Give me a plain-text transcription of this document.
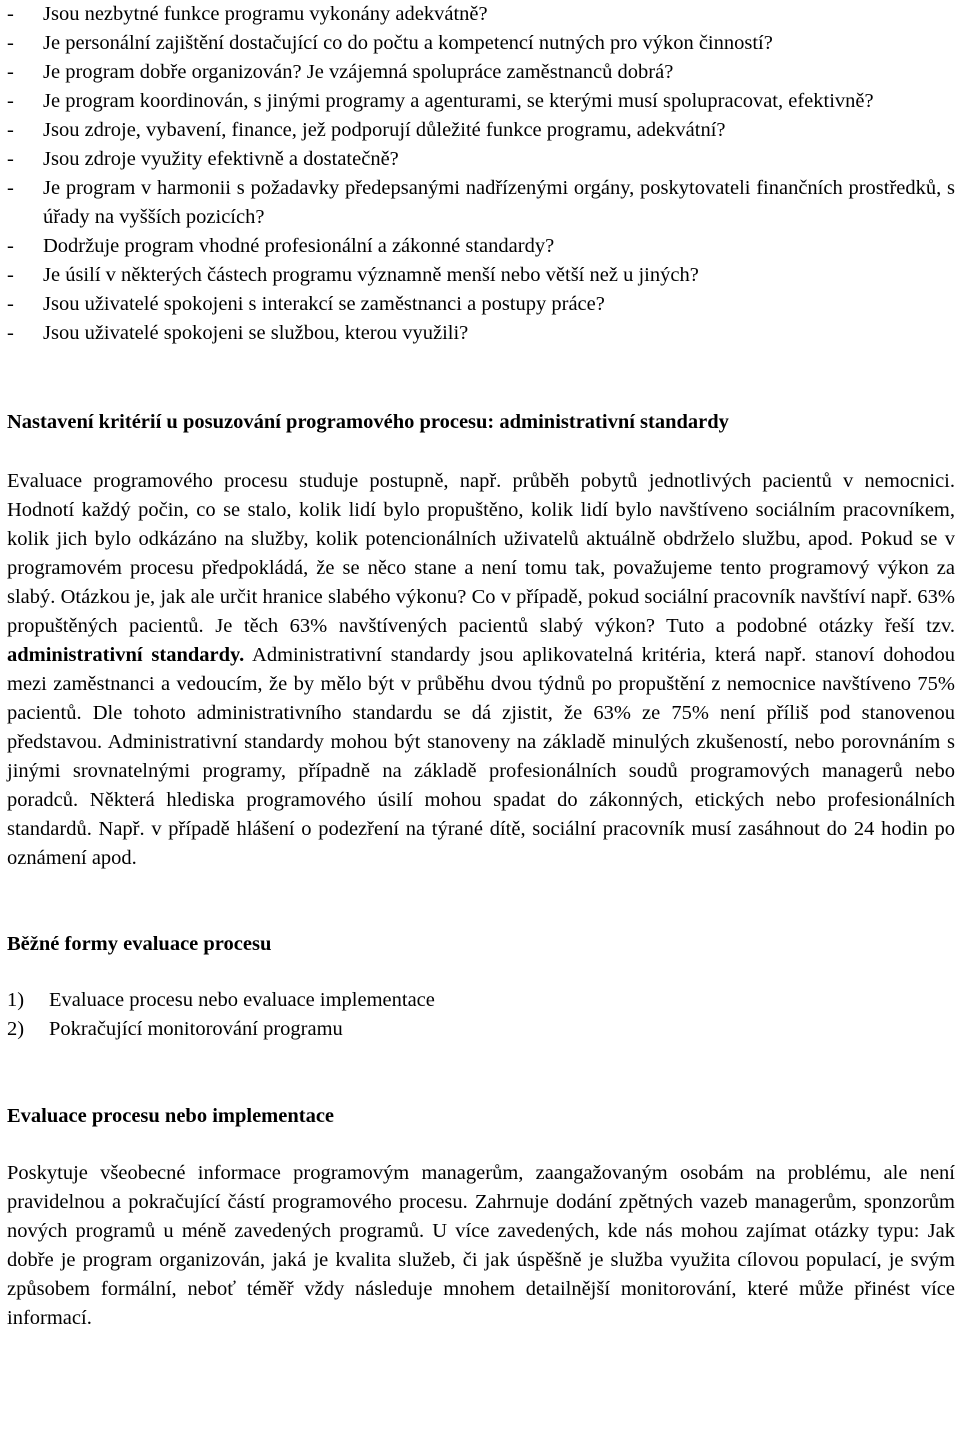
-	Jsou nezbytné funkce programu vykonány adekvátně?
-	Je personální zajištění dostačující co do počtu a kompetencí nutných pro výkon činností?
-	Je program dobře organizován? Je vzájemná spolupráce zaměstnanců dobrá?
-	Je program koordinován, s jinými programy a agenturami, se kterými musí spolupracovat, efektivně?
-	Jsou zdroje, vybavení, finance, jež podporují důležité funkce programu, adekvátní?
-	Jsou zdroje využity efektivně a dostatečně?
-	Je program v harmonii s požadavky předepsanými nadřízenými orgány, poskytovateli finančních prostředků, s úřady na vyšších pozicích?
-	Dodržuje program vhodné profesionální a zákonné standardy?
-	Je úsilí v některých částech programu významně menší nebo větší než u jiných?
-	Jsou uživatelé spokojeni s interakcí se zaměstnanci a postupy práce?
-	Jsou uživatelé spokojeni se službou, kterou využili?
Nastavení kritérií u posuzování programového procesu: administrativní standardy

Evaluace programového procesu studuje postupně, např. průběh pobytů jednotlivých pacientů v nemocnici. Hodnotí každý počin, co se stalo, kolik lidí bylo propuštěno, kolik lidí bylo navštíveno sociálním pracovníkem, kolik jich bylo odkázáno na služby, kolik potencionálních uživatelů aktuálně obdrželo službu, apod. Pokud se v programovém procesu předpokládá, že se něco stane a není tomu tak, považujeme tento programový výkon za slabý. Otázkou je, jak ale určit hranice slabého výkonu? Co v případě, pokud sociální pracovník navštíví např. 63% propuštěných pacientů. Je těch 63% navštívených pacientů slabý výkon? Tuto a podobné otázky řeší tzv. administrativní standardy. Administrativní standardy jsou aplikovatelná kritéria, která např. stanoví dohodou mezi zaměstnanci a vedoucím, že by mělo být v průběhu dvou týdnů po propuštění z nemocnice navštíveno 75% pacientů. Dle tohoto administrativního standardu se dá zjistit, že 63% ze 75% není příliš pod stanovenou představou. Administrativní standardy mohou být stanoveny na základě minulých zkušeností, nebo porovnáním s jinými srovnatelnými programy, případně na základě profesionálních soudů programových managerů nebo poradců. Některá hlediska programového úsilí mohou spadat do zákonných, etických nebo profesionálních standardů. Např. v případě hlášení o podezření na týrané dítě, sociální pracovník musí zasáhnout do 24 hodin po oznámení apod.

Běžné formy evaluace procesu
1)	Evaluace procesu nebo evaluace implementace
2)	Pokračující monitorování programu
Evaluace procesu nebo implementace

Poskytuje všeobecné informace programovým managerům, zaangažovaným osobám na problému, ale není pravidelnou a pokračující částí programového procesu. Zahrnuje dodání zpětných vazeb managerům, sponzorům nových programů u méně zavedených programů. U více zavedených, kde nás mohou zajímat otázky typu: Jak dobře je program organizován, jaká je kvalita služeb, či jak úspěšně je služba využita cílovou populací, je svým způsobem formální, neboť téměř vždy následuje mnohem detailnější monitorování, které může přinést více informací.
